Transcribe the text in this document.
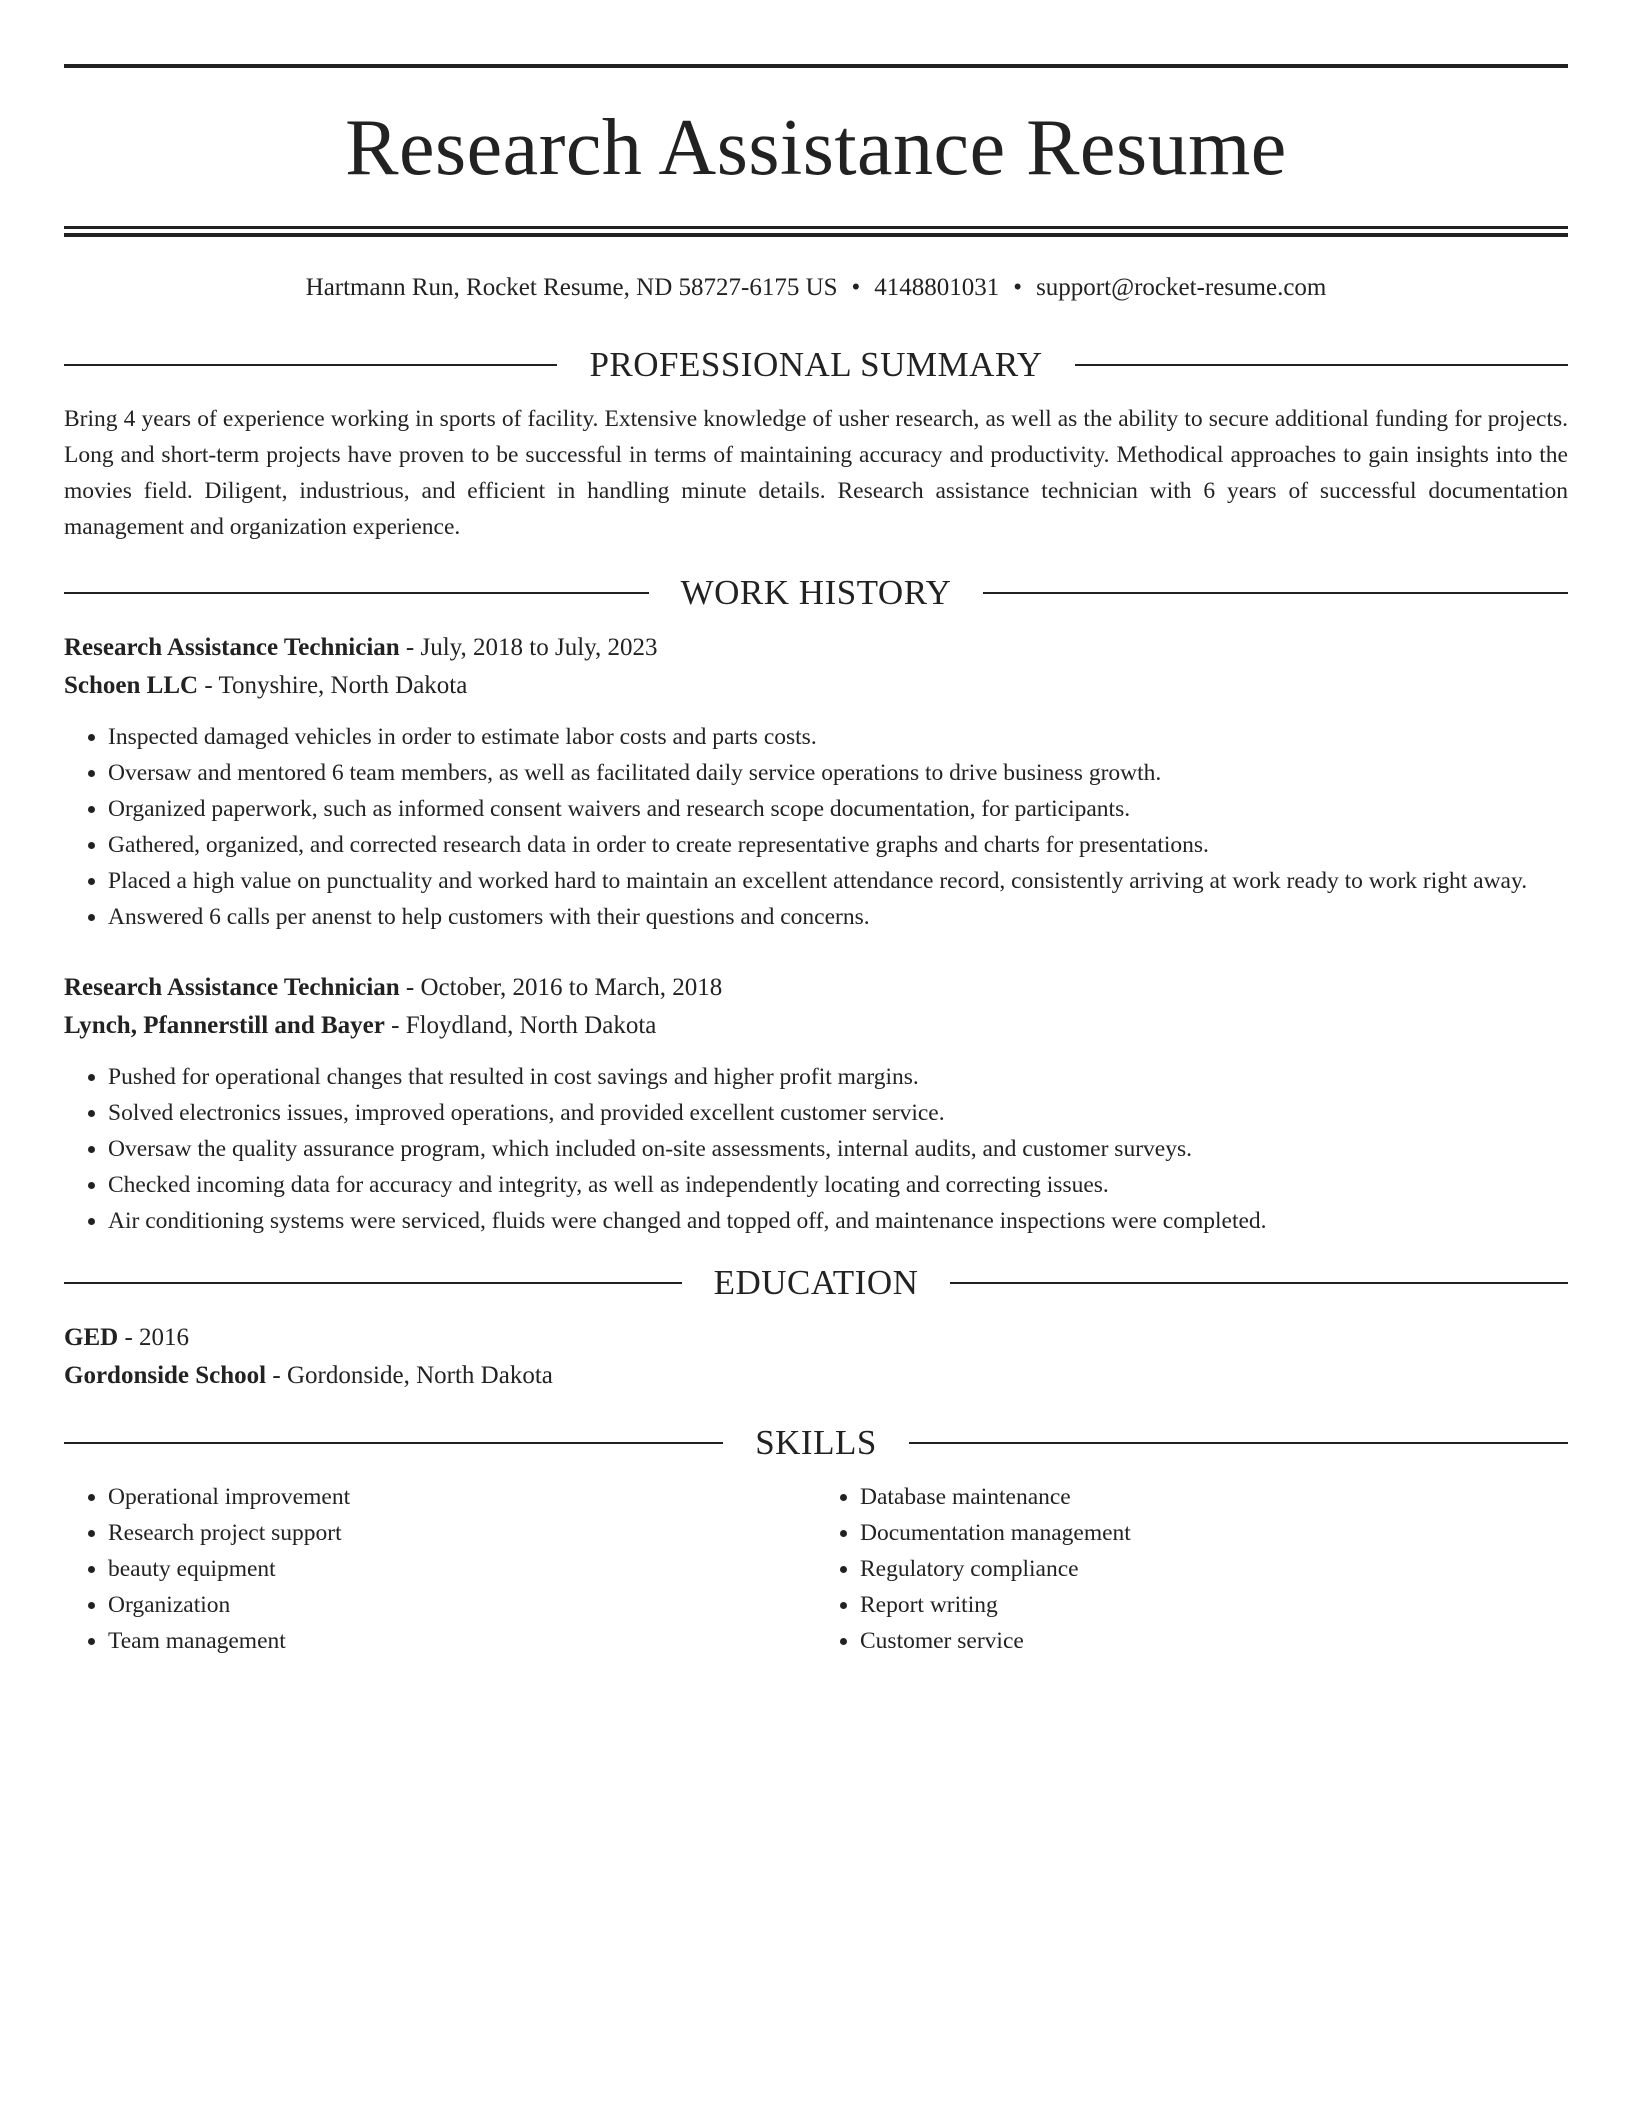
Research Assistance Resume
Hartmann Run, Rocket Resume, ND 58727-6175 US • 4148801031 • support@rocket-resume.com
PROFESSIONAL SUMMARY

Bring 4 years of experience working in sports of facility. Extensive knowledge of usher research, as well as the ability to secure additional funding for projects. Long and short-term projects have proven to be successful in terms of maintaining accuracy and productivity. Methodical approaches to gain insights into the movies field. Diligent, industrious, and efficient in handling minute details. Research assistance technician with 6 years of successful documentation management and organization experience.

WORK HISTORY

Research Assistance Technician - July, 2018 to July, 2023

Schoen LLC - Tonyshire, North Dakota

• Inspected damaged vehicles in order to estimate labor costs and parts costs.
• Oversaw and mentored 6 team members, as well as facilitated daily service operations to drive business growth.
• Organized paperwork, such as informed consent waivers and research scope documentation, for participants.
• Gathered, organized, and corrected research data in order to create representative graphs and charts for presentations.
• Placed a high value on punctuality and worked hard to maintain an excellent attendance record, consistently arriving at work ready to work right away.
• Answered 6 calls per anenst to help customers with their questions and concerns.

Research Assistance Technician - October, 2016 to March, 2018

Lynch, Pfannerstill and Bayer - Floydland, North Dakota

• Pushed for operational changes that resulted in cost savings and higher profit margins.
• Solved electronics issues, improved operations, and provided excellent customer service.
• Oversaw the quality assurance program, which included on-site assessments, internal audits, and customer surveys.
• Checked incoming data for accuracy and integrity, as well as independently locating and correcting issues.
• Air conditioning systems were serviced, fluids were changed and topped off, and maintenance inspections were completed.
EDUCATION

GED - 2016

Gordonside School - Gordonside, North Dakota

SKILLS
• Operational improvement
• Research project support
• beauty equipment
• Organization
• Team management
• Database maintenance
• Documentation management
• Regulatory compliance
• Report writing
• Customer service
